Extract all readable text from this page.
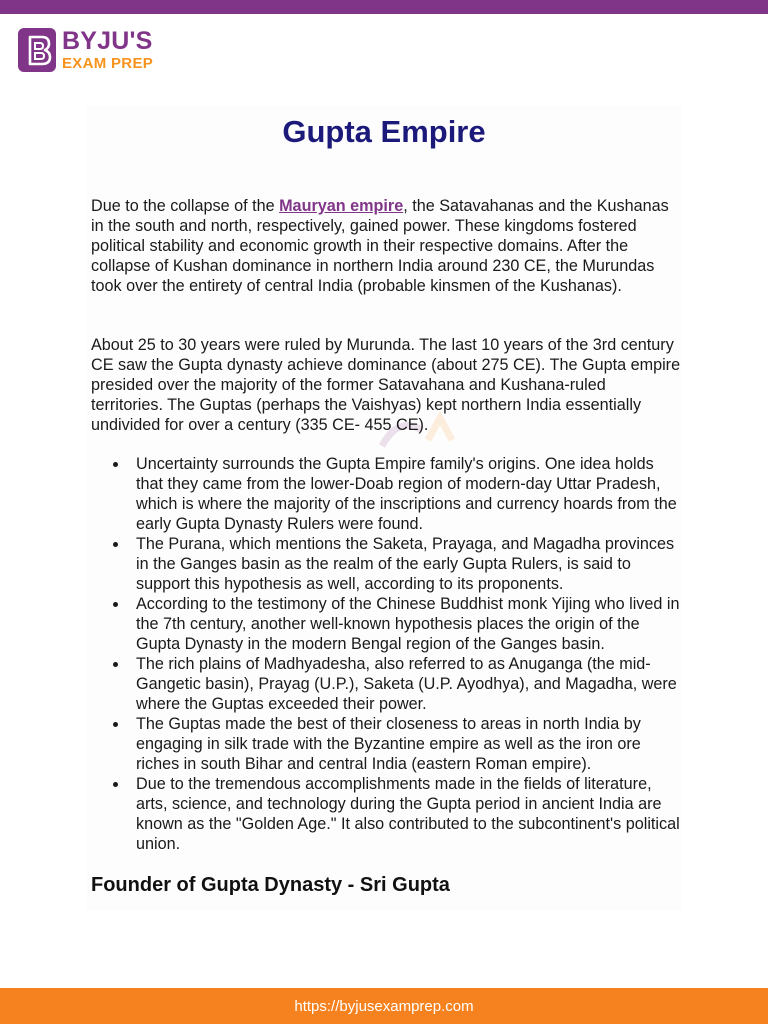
BYJU'S
EXAM PREP
Gupta Empire

Due to the collapse of the Mauryan empire, the Satavahanas and the Kushanas in the south and north, respectively, gained power. These kingdoms fostered political stability and economic growth in their respective domains. After the collapse of Kushan dominance in northern India around 230 CE, the Murundas took over the entirety of central India (probable kinsmen of the Kushanas).

About 25 to 30 years were ruled by Murunda. The last 10 years of the 3rd century CE saw the Gupta dynasty achieve dominance (about 275 CE). The Gupta empire presided over the majority of the former Satavahana and Kushana-ruled territories. The Guptas (perhaps the Vaishyas) kept northern India essentially undivided for over a century (335 CE- 455 CE).

Uncertainty surrounds the Gupta Empire family's origins. One idea holds that they came from the lower-Doab region of modern-day Uttar Pradesh, which is where the majority of the inscriptions and currency hoards from the early Gupta Dynasty Rulers were found.
The Purana, which mentions the Saketa, Prayaga, and Magadha provinces in the Ganges basin as the realm of the early Gupta Rulers, is said to support this hypothesis as well, according to its proponents.
According to the testimony of the Chinese Buddhist monk Yijing who lived in the 7th century, another well-known hypothesis places the origin of the Gupta Dynasty in the modern Bengal region of the Ganges basin.
The rich plains of Madhyadesha, also referred to as Anuganga (the mid-Gangetic basin), Prayag (U.P.), Saketa (U.P. Ayodhya), and Magadha, were where the Guptas exceeded their power.
The Guptas made the best of their closeness to areas in north India by engaging in silk trade with the Byzantine empire as well as the iron ore riches in south Bihar and central India (eastern Roman empire).
Due to the tremendous accomplishments made in the fields of literature, arts, science, and technology during the Gupta period in ancient India are known as the "Golden Age." It also contributed to the subcontinent's political union.
Founder of Gupta Dynasty - Sri Gupta
https://byjusexamprep.com
